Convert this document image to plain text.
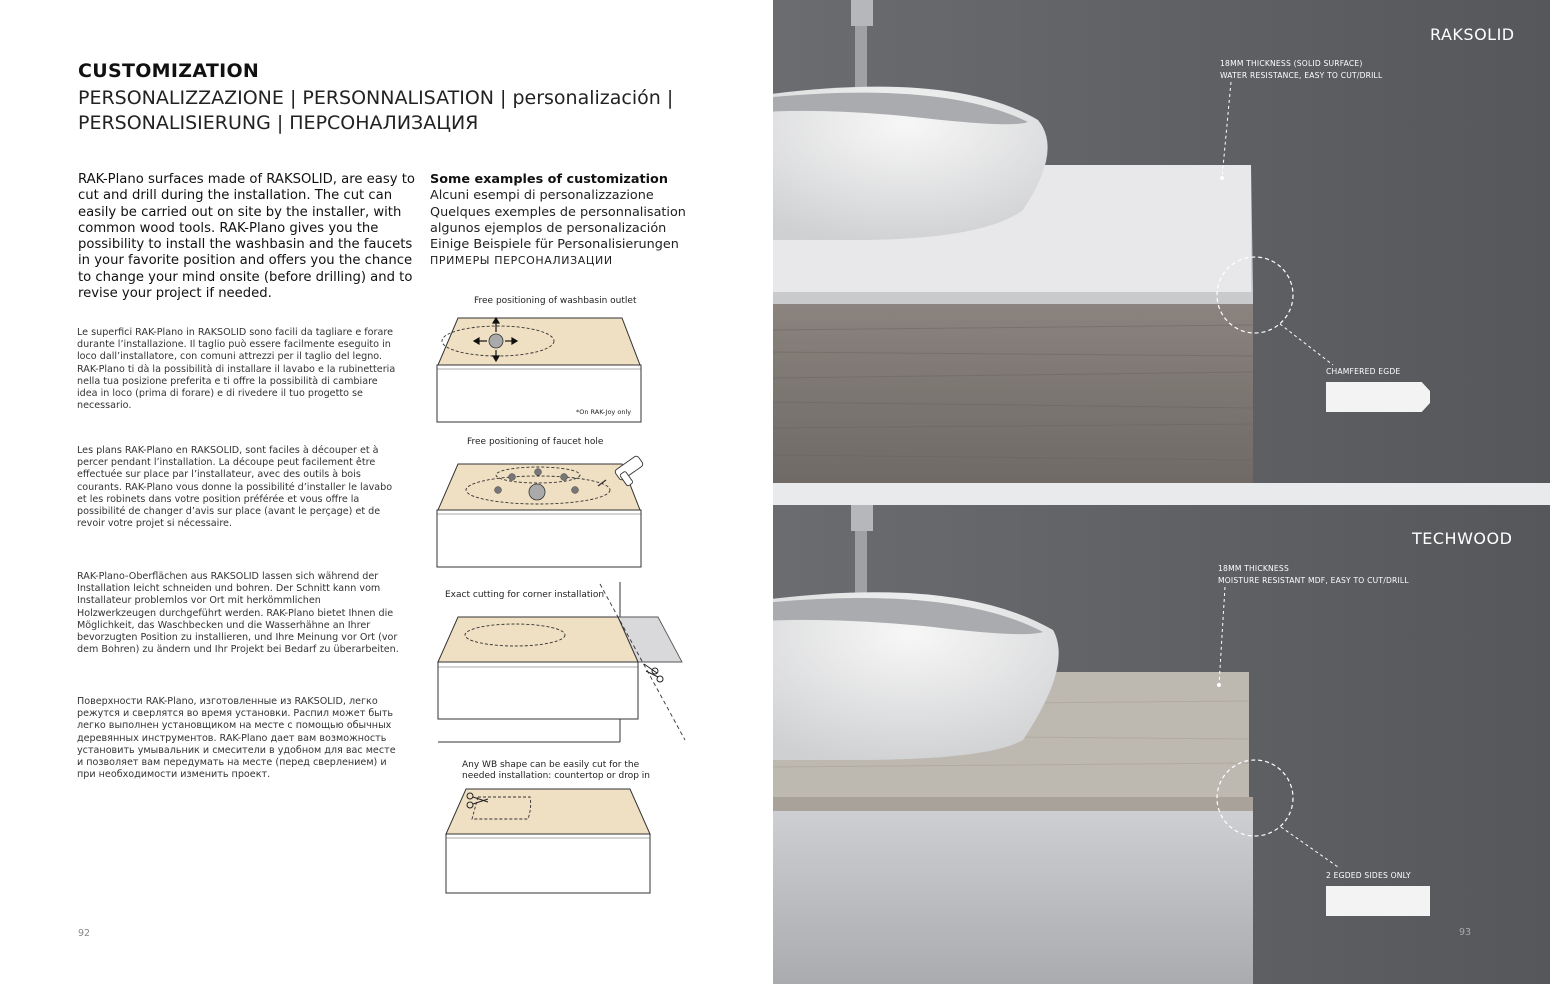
CUSTOMIZATION
PERSONALIZZAZIONE | PERSONNALISATION | personalización |
PERSONALISIERUNG | ПЕРСОНАЛИЗАЦИЯ
RAK-Plano surfaces made of RAKSOLID, are easy to cut and drill during the installation. The cut can easily be carried out on site by the installer, with common wood tools. RAK-Plano gives you the possibility to install the washbasin and the faucets in your favorite position and offers you the chance to change your mind onsite (before drilling) and to revise your project if needed.
Le superfici RAK-Plano in RAKSOLID sono facili da tagliare e forare durante l’installazione. Il taglio può essere facilmente eseguito in loco dall’installatore, con comuni attrezzi per il taglio del legno. RAK-Plano ti dà la possibilità di installare il lavabo e la rubinetteria nella tua posizione preferita e ti offre la possibilità di cambiare idea in loco (prima di forare) e di rivedere il tuo progetto se necessario.
Les plans RAK-Plano en RAKSOLID, sont faciles à découper et à percer pendant l’installation. La découpe peut facilement être effectuée sur place par l’installateur, avec des outils à bois courants. RAK-Plano vous donne la possibilité d’installer le lavabo et les robinets dans votre position préférée et vous offre la possibilité de changer d’avis sur place (avant le perçage) et de revoir votre projet si nécessaire.
RAK-Plano-Oberflächen aus RAKSOLID lassen sich während der Installation leicht schneiden und bohren. Der Schnitt kann vom Installateur problemlos vor Ort mit herkömmlichen Holzwerkzeugen durchgeführt werden. RAK-Plano bietet Ihnen die Möglichkeit, das Waschbecken und die Wasserhähne an Ihrer bevorzugten Position zu installieren, und Ihre Meinung vor Ort (vor dem Bohren) zu ändern und Ihr Projekt bei Bedarf zu überarbeiten.
Поверхности RAK-Plano, изготовленные из RAKSOLID, легко режутся и сверлятся во время установки. Распил может быть легко выполнен установщиком на месте с помощью обычных деревянных инструментов. RAK-Plano дает вам возможность установить умывальник и смесители в удобном для вас месте и позволяет вам передумать на месте (перед сверлением) и при необходимости изменить проект.
Some examples of customization
Alcuni esempi di personalizzazione
Quelques exemples de personnalisation
algunos ejemplos de personalización
Einige Beispiele für Personalisierungen
ПРИМЕРЫ ПЕРСОНАЛИЗАЦИИ
Free positioning of washbasin outlet
*On RAK-Joy only
Free positioning of faucet hole
Exact cutting for corner installation
Any WB shape can be easily cut for the
needed installation: countertop or drop in
92
RAKSOLID
18MM THICKNESS (SOLID SURFACE)
WATER RESISTANCE, EASY TO CUT/DRILL
CHAMFERED EGDE
TECHWOOD
18MM THICKNESS
MOISTURE RESISTANT MDF, EASY TO CUT/DRILL
2 EGDED SIDES ONLY
93
